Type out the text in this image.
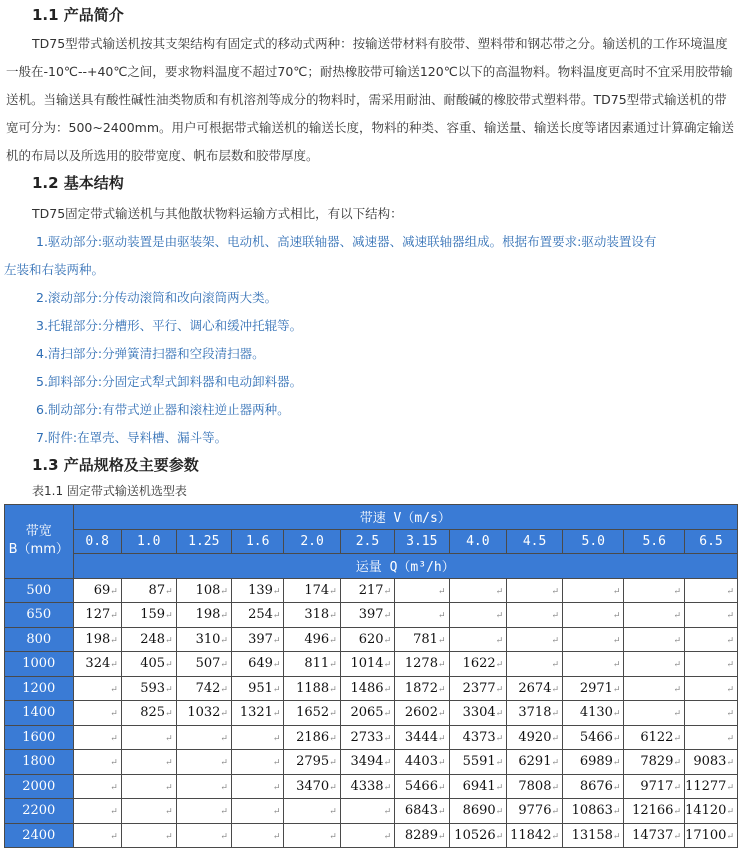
1.1 产品简介
TD75型带式输送机按其支架结构有固定式的移动式两种：按输送带材料有胶带、塑料带和钢芯带之分。输送机的工作环境温度一般在-10℃--+40℃之间，要求物料温度不超过70℃；耐热橡胶带可输送120℃以下的高温物料。物料温度更高时不宜采用胶带输送机。当输送具有酸性碱性油类物质和有机溶剂等成分的物料时，需采用耐油、耐酸碱的橡胶带式塑料带。TD75型带式输送机的带宽可分为：500~2400mm。用户可根据带式输送机的输送长度，物料的种类、容重、输送量、输送长度等诸因素通过计算确定输送机的布局以及所选用的胶带宽度、帆布层数和胶带厚度。
1.2 基本结构
TD75固定带式输送机与其他散状物料运输方式相比，有以下结构：
1.驱动部分:驱动装置是由驱装架、电动机、高速联轴器、减速器、减速联轴器组成。根据布置要求:驱动装置设有
左装和右装两种。
2.滚动部分:分传动滚筒和改向滚筒两大类。
3.托辊部分:分槽形、平行、调心和缓冲托辊等。
4.清扫部分:分弹簧清扫器和空段清扫器。
5.卸料部分:分固定式犁式卸料器和电动卸料器。
6.制动部分:有带式逆止器和滚柱逆止器两种。
7.附件:在罩壳、导料槽、漏斗等。
1.3 产品规格及主要参数
表1.1 固定带式输送机选型表
带宽
B（mm）	带速 V（m/s）											
	0.8	1.0	1.25	1.6	2.0	2.5	3.15	4.0	4.5	5.0	5.6	6.5
	运量 Q（m³/h）											
500	69↵	87↵	108↵	139↵	174↵	217↵	↵	↵	↵	↵	↵	↵
650	127↵	159↵	198↵	254↵	318↵	397↵	↵	↵	↵	↵	↵	↵
800	198↵	248↵	310↵	397↵	496↵	620↵	781↵	↵	↵	↵	↵	↵
1000	324↵	405↵	507↵	649↵	811↵	1014↵	1278↵	1622↵	↵	↵	↵	↵
1200	↵	593↵	742↵	951↵	1188↵	1486↵	1872↵	2377↵	2674↵	2971↵	↵	↵
1400	↵	825↵	1032↵	1321↵	1652↵	2065↵	2602↵	3304↵	3718↵	4130↵	↵	↵
1600	↵	↵	↵	↵	2186↵	2733↵	3444↵	4373↵	4920↵	5466↵	6122↵	↵
1800	↵	↵	↵	↵	2795↵	3494↵	4403↵	5591↵	6291↵	6989↵	7829↵	9083↵
2000	↵	↵	↵	↵	3470↵	4338↵	5466↵	6941↵	7808↵	8676↵	9717↵	11277↵
2200	↵	↵	↵	↵	↵	↵	6843↵	8690↵	9776↵	10863↵	12166↵	14120↵
2400	↵	↵	↵	↵	↵	↵	8289↵	10526↵	11842↵	13158↵	14737↵	17100↵
